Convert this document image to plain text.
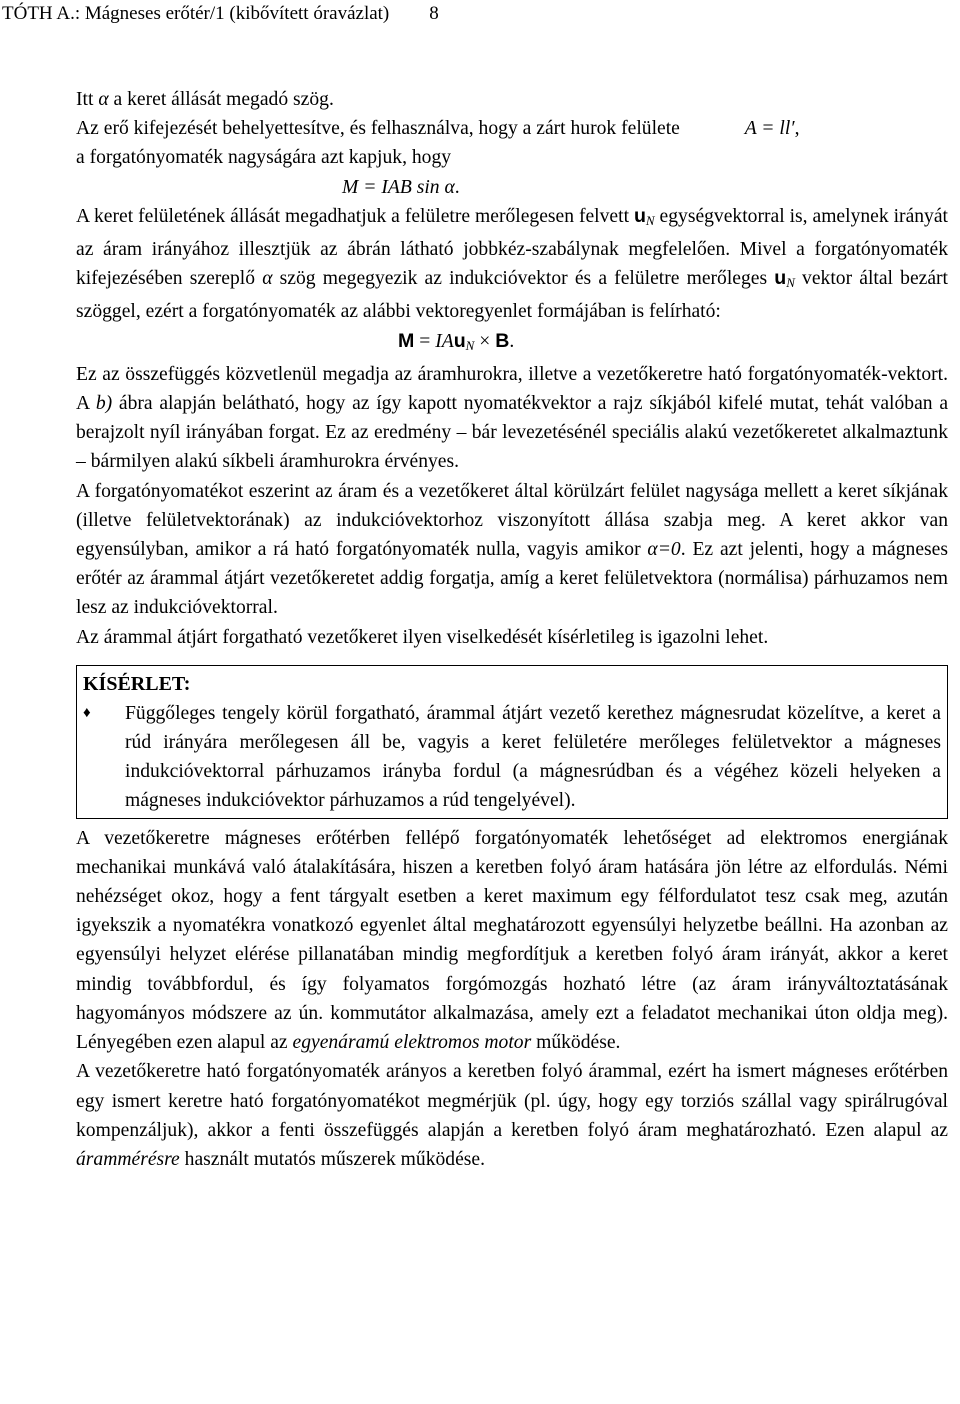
TÓTH A.: Mágneses erőtér/1 (kibővített óravázlat) 8

Itt α a keret állását megadó szög.

Az erő kifejezését behelyettesítve, és felhasználva, hogy a zárt hurok felülete	A = ll′,
a forgatónyomaték nagyságára azt kapjuk, hogy

M = IAB sin α.

A keret felületének állását megadhatjuk a felületre merőlegesen felvett $u_N$ egységvektorral is, amelynek irányát az áram irányához illesztjük az ábrán látható jobbkéz-szabálynak megfelelően. Mivel a forgatónyomaték kifejezésében szereplő α szög megegyezik az indukcióvektor és a felületre merőleges $u_N$ vektor által bezárt szöggel, ezért a forgatónyomaték az alábbi vektoregyenlet formájában is felírható:

M = IAu$_N$ × B.

Ez az összefüggés közvetlenül megadja az áramhurokra, illetve a vezetőkeretre ható forgatónyomaték-vektort. A b) ábra alapján belátható, hogy az így kapott nyomatékvektor a rajz síkjából kifelé mutat, tehát valóban a berajzolt nyíl irányában forgat. Ez az eredmény – bár levezetésénél speciális alakú vezetőkeretet alkalmaztunk – bármilyen alakú síkbeli áramhurokra érvényes.

A forgatónyomatékot eszerint az áram és a vezetőkeret által körülzárt felület nagysága mellett a keret síkjának (illetve felületvektorának) az indukcióvektorhoz viszonyított állása szabja meg. A keret akkor van egyensúlyban, amikor a rá ható forgatónyomaték nulla, vagyis amikor α=0. Ez azt jelenti, hogy a mágneses erőtér az árammal átjárt vezetőkeretet addig forgatja, amíg a keret felületvektora (normálisa) párhuzamos nem lesz az indukcióvektorral.

Az árammal átjárt forgatható vezetőkeret ilyen viselkedését kísérletileg is igazolni lehet.

KÍSÉRLET:
♦	Függőleges tengely körül forgatható, árammal átjárt vezető kerethez mágnesrudat közelítve, a keret a rúd irányára merőlegesen áll be, vagyis a keret felületére merőleges felületvektor a mágneses indukcióvektorral párhuzamos irányba fordul (a mágnesrúdban és a végéhez közeli helyeken a mágneses indukcióvektor párhuzamos a rúd tengelyével).

A vezetőkeretre mágneses erőtérben fellépő forgatónyomaték lehetőséget ad elektromos energiának mechanikai munkává való átalakítására, hiszen a keretben folyó áram hatására jön létre az elfordulás. Némi nehézséget okoz, hogy a fent tárgyalt esetben a keret maximum egy félfordulatot tesz csak meg, azután igyekszik a nyomatékra vonatkozó egyenlet által meghatározott egyensúlyi helyzetbe beállni. Ha azonban az egyensúlyi helyzet elérése pillanatában mindig megfordítjuk a keretben folyó áram irányát, akkor a keret mindig továbbfordul, és így folyamatos forgómozgás hozható létre (az áram irányváltoztatásának hagyományos módszere az ún. kommutátor alkalmazása, amely ezt a feladatot mechanikai úton oldja meg). Lényegében ezen alapul az egyenáramú elektromos motor működése.

A vezetőkeretre ható forgatónyomaték arányos a keretben folyó árammal, ezért ha ismert mágneses erőtérben egy ismert keretre ható forgatónyomatékot megmérjük (pl. úgy, hogy egy torziós szállal vagy spirálrugóval kompenzáljuk), akkor a fenti összefüggés alapján a keretben folyó áram meghatározható. Ezen alapul az árammérésre használt mutatós műszerek működése.
